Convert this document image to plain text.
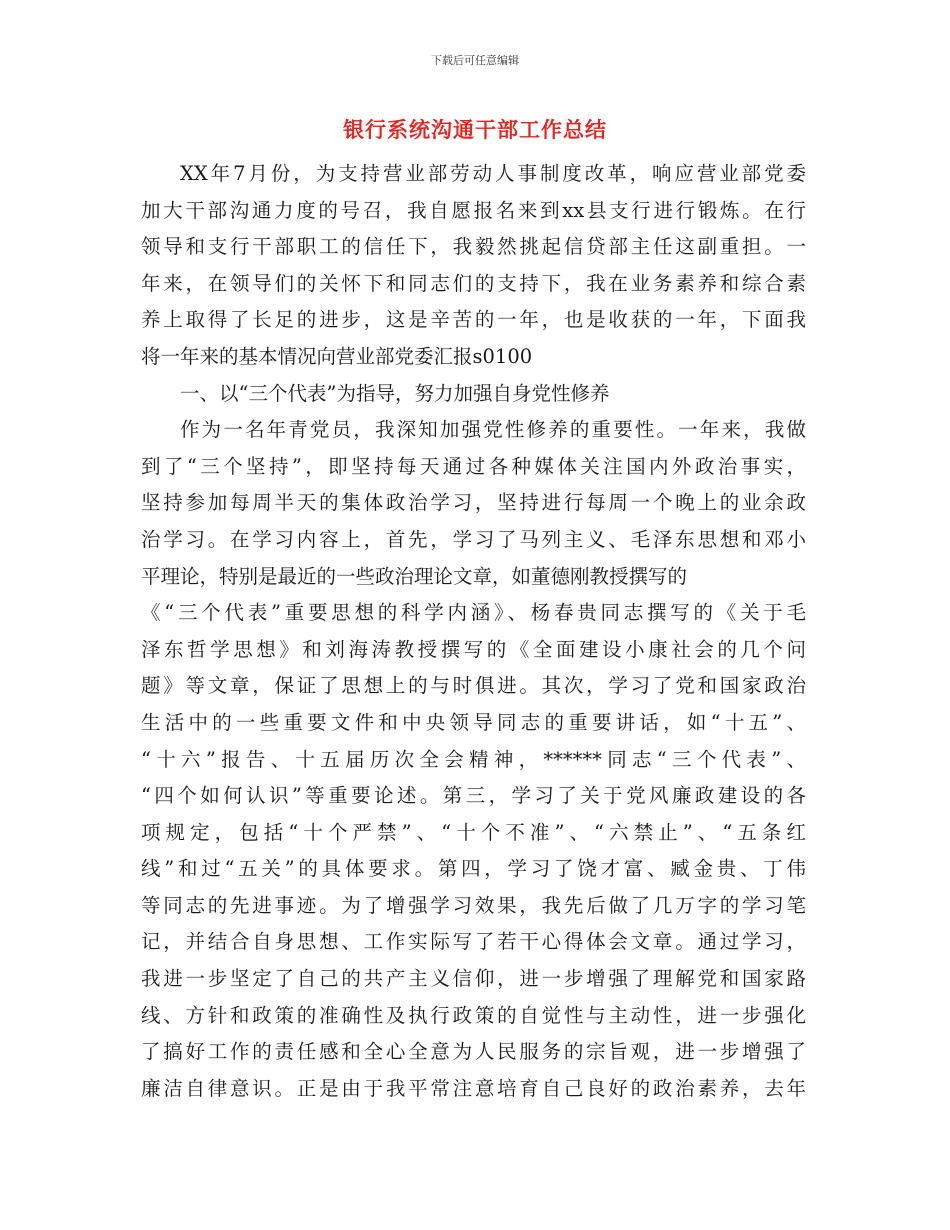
下载后可任意编辑
银行系统沟通干部工作总结
XX年7月份，为支持营业部劳动人事制度改革，响应营业部党委
加大干部沟通力度的号召，我自愿报名来到xx县支行进行锻炼。在行
领导和支行干部职工的信任下，我毅然挑起信贷部主任这副重担。一
年来，在领导们的关怀下和同志们的支持下，我在业务素养和综合素
养上取得了长足的进步，这是辛苦的一年，也是收获的一年，下面我
将一年来的基本情况向营业部党委汇报s0100
一、以“三个代表”为指导，努力加强自身党性修养
作为一名年青党员，我深知加强党性修养的重要性。一年来，我做
到了“三个坚持”，即坚持每天通过各种媒体关注国内外政治事实，
坚持参加每周半天的集体政治学习，坚持进行每周一个晚上的业余政
治学习。在学习内容上，首先，学习了马列主义、毛泽东思想和邓小
平理论，特别是最近的一些政治理论文章，如董德刚教授撰写的
《“三个代表”重要思想的科学内涵》、杨春贵同志撰写的《关于毛
泽东哲学思想》和刘海涛教授撰写的《全面建设小康社会的几个问
题》等文章，保证了思想上的与时俱进。其次，学习了党和国家政治
生活中的一些重要文件和中央领导同志的重要讲话，如“十五”、
“十六”报告、十五届历次全会精神，******同志“三个代表”、
“四个如何认识”等重要论述。第三，学习了关于党风廉政建设的各
项规定，包括“十个严禁”、“十个不准”、“六禁止”、“五条红
线”和过“五关”的具体要求。第四，学习了饶才富、臧金贵、丁伟
等同志的先进事迹。为了增强学习效果，我先后做了几万字的学习笔
记，并结合自身思想、工作实际写了若干心得体会文章。通过学习，
我进一步坚定了自己的共产主义信仰，进一步增强了理解党和国家路
线、方针和政策的准确性及执行政策的自觉性与主动性，进一步强化
了搞好工作的责任感和全心全意为人民服务的宗旨观，进一步增强了
廉洁自律意识。正是由于我平常注意培育自己良好的政治素养，去年
